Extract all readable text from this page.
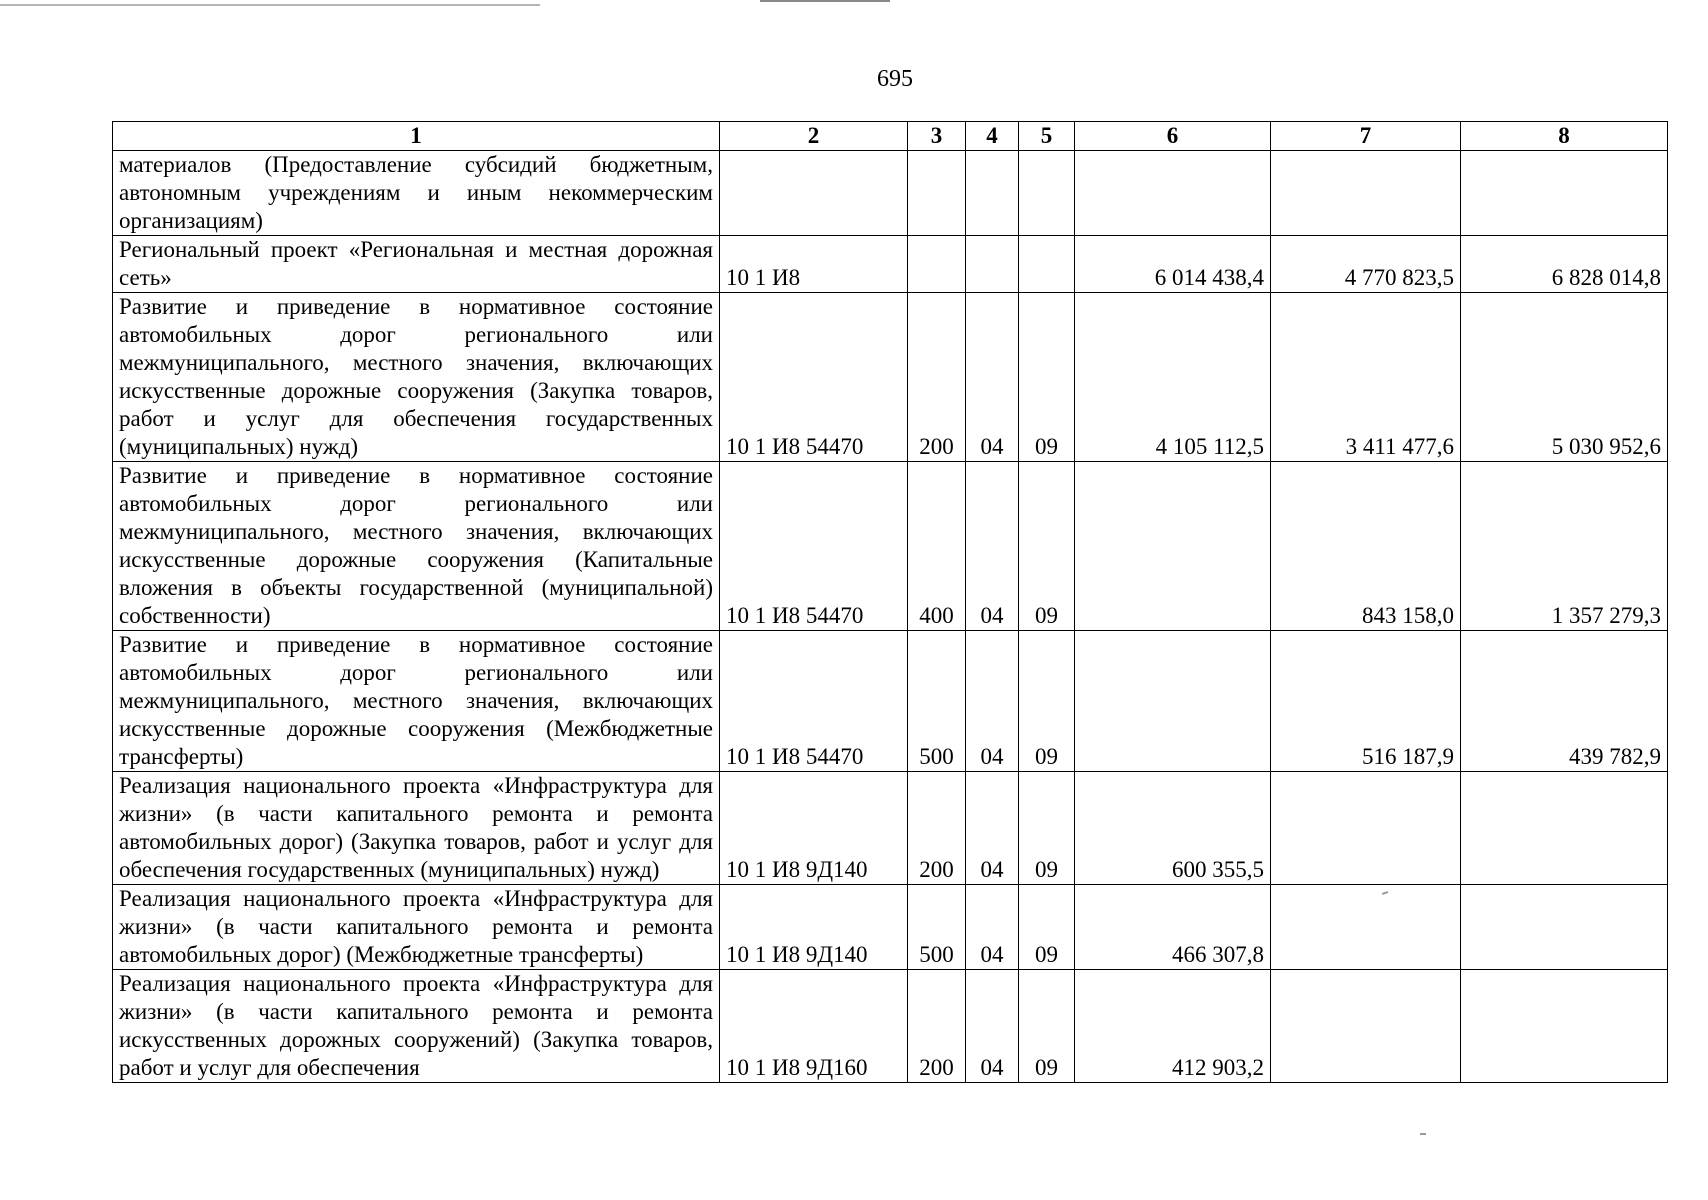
695
1	2	3	4	5	6	7	8
материалов (Предоставление субсидий бюджетным, автономным учреждениям и иным некоммерческим организациям)							
Региональный проект «Региональная и местная дорожная сеть»	10 1 И8				6 014 438,4	4 770 823,5	6 828 014,8
Развитие и приведение в нормативное состояние автомобильных дорог регионального или межмуниципального, местного значения, включающих искусственные дорожные сооружения (Закупка товаров, работ и услуг для обеспечения государственных (муниципальных) нужд)	10 1 И8 54470	200	04	09	4 105 112,5	3 411 477,6	5 030 952,6
Развитие и приведение в нормативное состояние автомобильных дорог регионального или межмуниципального, местного значения, включающих искусственные дорожные сооружения (Капитальные вложения в объекты государственной (муниципальной) собственности)	10 1 И8 54470	400	04	09		843 158,0	1 357 279,3
Развитие и приведение в нормативное состояние автомобильных дорог регионального или межмуниципального, местного значения, включающих искусственные дорожные сооружения (Межбюджетные трансферты)	10 1 И8 54470	500	04	09		516 187,9	439 782,9
Реализация национального проекта «Инфраструктура для жизни» (в части капитального ремонта и ремонта автомобильных дорог) (Закупка товаров, работ и услуг для обеспечения государственных (муниципальных) нужд)	10 1 И8 9Д140	200	04	09	600 355,5		
Реализация национального проекта «Инфраструктура для жизни» (в части капитального ремонта и ремонта автомобильных дорог) (Межбюджетные трансферты)	10 1 И8 9Д140	500	04	09	466 307,8		
Реализация национального проекта «Инфраструктура для жизни» (в части капитального ремонта и ремонта искусственных дорожных сооружений) (Закупка товаров, работ и услуг для обеспечения	10 1 И8 9Д160	200	04	09	412 903,2		
